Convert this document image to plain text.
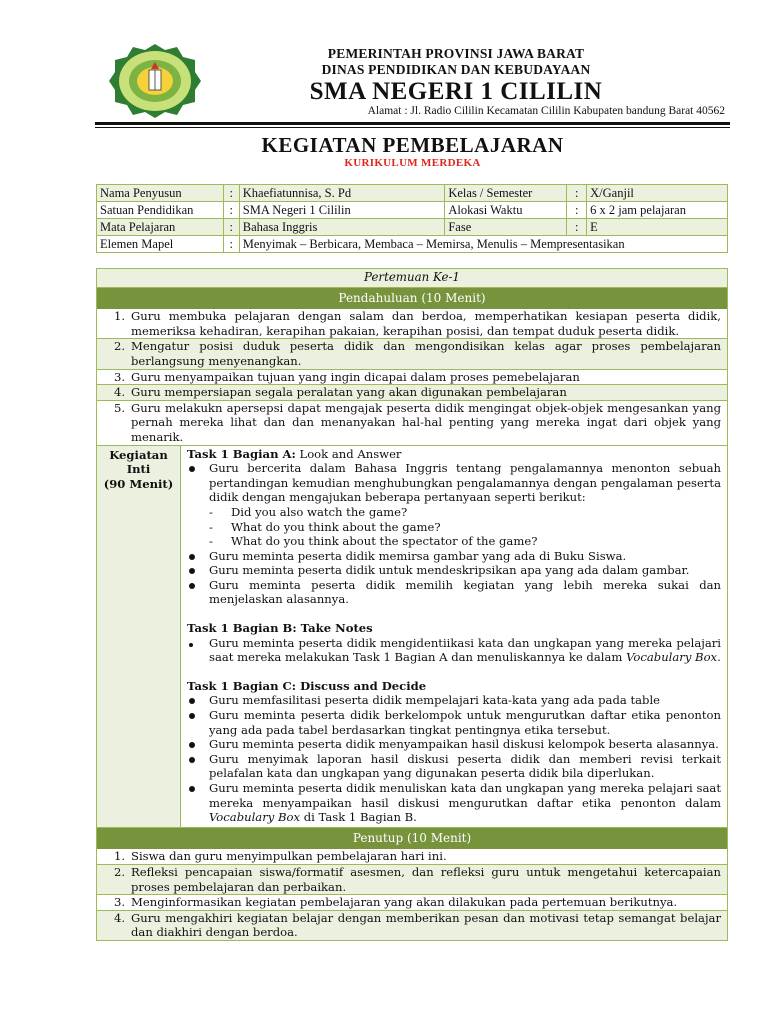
PEMERINTAH PROVINSI JAWA BARAT
DINAS PENDIDIKAN DAN KEBUDAYAAN
SMA NEGERI 1 CILILIN
Alamat : Jl. Radio Cililin Kecamatan Cililin Kabupaten bandung Barat 40562
KEGIATAN PEMBELAJARAN
KURIKULUM MERDEKA
Nama Penyusun	:	Khaefiatunnisa, S. Pd	Kelas / Semester	:	X/Ganjil
Satuan Pendidikan	:	SMA Negeri 1 Cililin	Alokasi Waktu	:	6 x 2 jam pelajaran
Mata Pelajaran	:	Bahasa Inggris	Fase	:	E
Elemen Mapel	:	Menyimak – Berbicara, Membaca – Memirsa, Menulis – Mempresentasikan			
Pertemuan Ke-1
Pendahuluan (10 Menit)
1. Guru membuka pelajaran dengan salam dan berdoa, memperhatikan kesiapan peserta didik, memeriksa kehadiran, kerapihan pakaian, kerapihan posisi, dan tempat duduk peserta didik.
2. Mengatur posisi duduk peserta didik dan mengondisikan kelas agar proses pembelajaran berlangsung menyenangkan.
3. Guru menyampaikan tujuan yang ingin dicapai dalam proses pemebelajaran
4. Guru mempersiapan segala peralatan yang akan digunakan pembelajaran
5. Guru melakukn apersepsi dapat mengajak peserta didik mengingat objek-objek mengesankan yang pernah mereka lihat dan dan menanyakan hal-hal penting yang mereka ingat dari objek yang menarik.
Kegiatan
Inti
(90 Menit)
Task 1 Bagian A: Look and Answer
Guru bercerita dalam Bahasa Inggris tentang pengalamannya menonton sebuah pertandingan kemudian menghubungkan pengalamannya dengan pengalaman peserta didik dengan mengajukan beberapa pertanyaan seperti berikut:
-	Did you also watch the game?
-	What do you think about the game?
-	What do you think about the spectator of the game?
Guru meminta peserta didik memirsa gambar yang ada di Buku Siswa.
Guru meminta peserta didik untuk mendeskripsikan apa yang ada dalam gambar.
Guru meminta peserta didik memilih kegiatan yang lebih mereka sukai dan menjelaskan alasannya.
Task 1 Bagian B: Take Notes
Guru meminta peserta didik mengidentiikasi kata dan ungkapan yang mereka pelajari saat mereka melakukan Task 1 Bagian A dan menuliskannya ke dalam Vocabulary Box.
Task 1 Bagian C: Discuss and Decide
Guru memfasilitasi peserta didik mempelajari kata-kata yang ada pada table
Guru meminta peserta didik berkelompok untuk mengurutkan daftar etika penonton yang ada pada tabel berdasarkan tingkat pentingnya etika tersebut.
Guru meminta peserta didik menyampaikan hasil diskusi kelompok beserta alasannya.
Guru menyimak laporan hasil diskusi peserta didik dan memberi revisi terkait pelafalan kata dan ungkapan yang digunakan peserta didik bila diperlukan.
Guru meminta peserta didik menuliskan kata dan ungkapan yang mereka pelajari saat mereka menyampaikan hasil diskusi mengurutkan daftar etika penonton dalam Vocabulary Box di Task 1 Bagian B.
Penutup (10 Menit)
1. Siswa dan guru menyimpulkan pembelajaran hari ini.
2. Refleksi pencapaian siswa/formatif asesmen, dan refleksi guru untuk mengetahui ketercapaian proses pembelajaran dan perbaikan.
3. Menginformasikan kegiatan pembelajaran yang akan dilakukan pada pertemuan berikutnya.
4. Guru mengakhiri kegiatan belajar dengan memberikan pesan dan motivasi tetap semangat belajar dan diakhiri dengan berdoa.
